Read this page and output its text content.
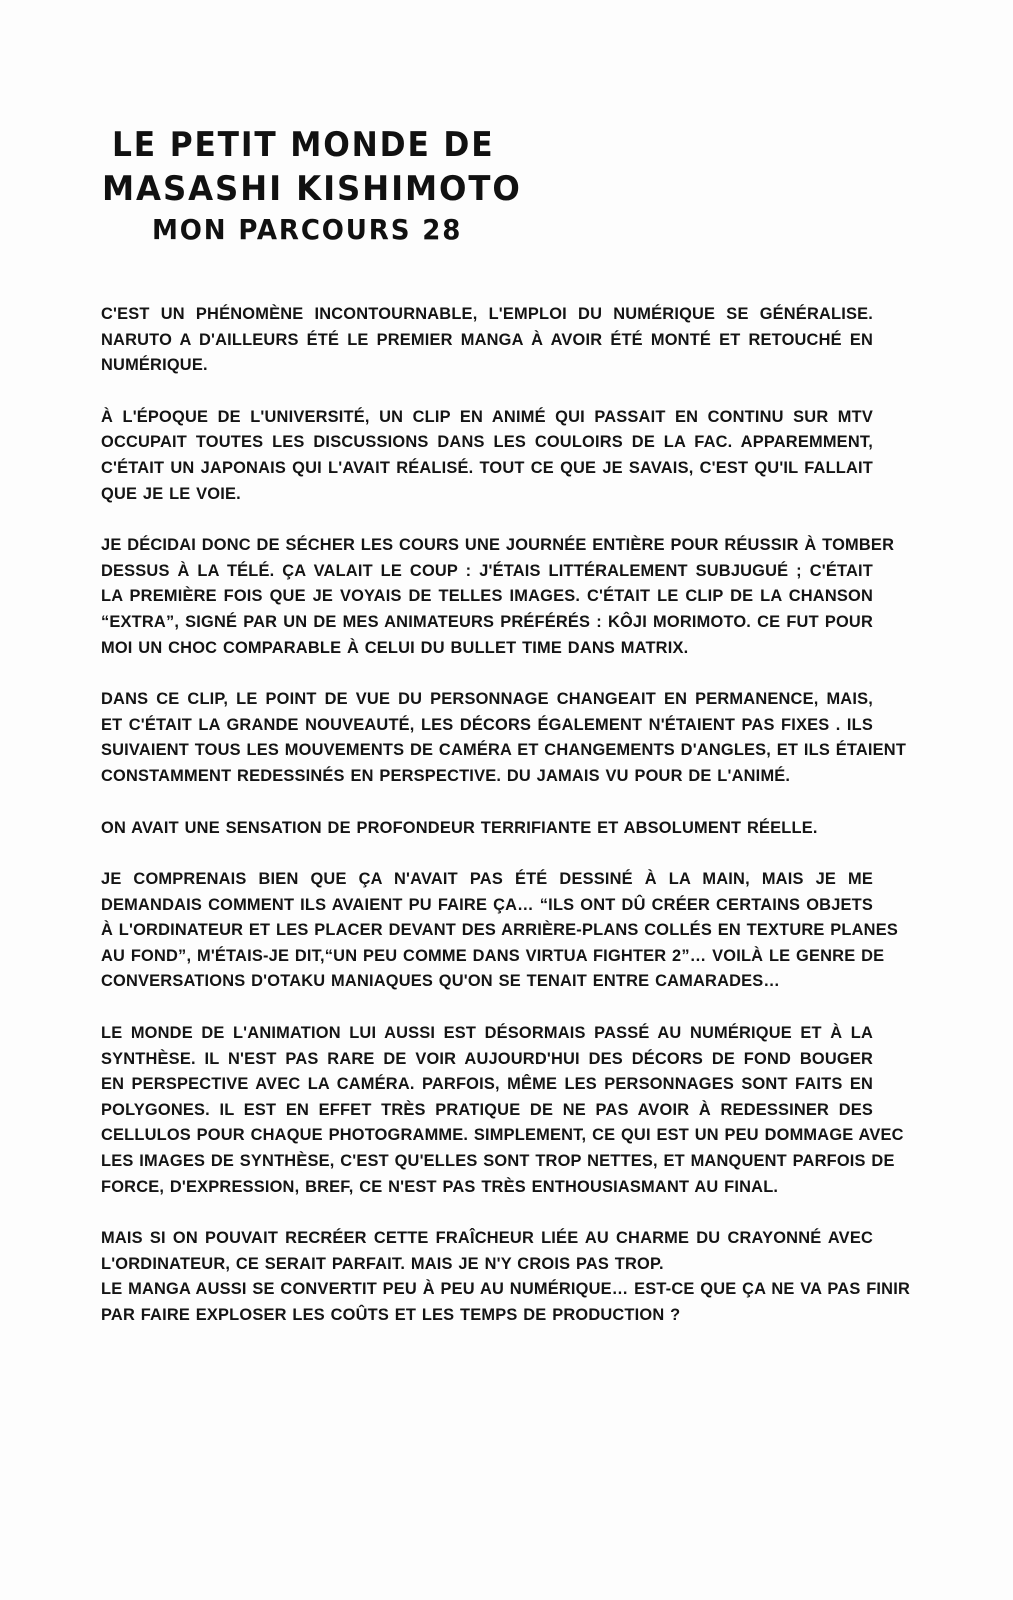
LE PETIT MONDE DE
MASASHI KISHIMOTO
MON PARCOURS 28

C'EST UN PHÉNOMÈNE INCONTOURNABLE, L'EMPLOI DU NUMÉRIQUE SE GÉNÉRALISE.
NARUTO A D'AILLEURS ÉTÉ LE PREMIER MANGA À AVOIR ÉTÉ MONTÉ ET RETOUCHÉ EN
NUMÉRIQUE.

À L'ÉPOQUE DE L'UNIVERSITÉ, UN CLIP EN ANIMÉ QUI PASSAIT EN CONTINU SUR MTV
OCCUPAIT TOUTES LES DISCUSSIONS DANS LES COULOIRS DE LA FAC. APPAREMMENT,
C'ÉTAIT UN JAPONAIS QUI L'AVAIT RÉALISÉ. TOUT CE QUE JE SAVAIS, C'EST QU'IL FALLAIT
QUE JE LE VOIE.

JE DÉCIDAI DONC DE SÉCHER LES COURS UNE JOURNÉE ENTIÈRE POUR RÉUSSIR À TOMBER
DESSUS À LA TÉLÉ. ÇA VALAIT LE COUP : J'ÉTAIS LITTÉRALEMENT SUBJUGUÉ ; C'ÉTAIT
LA PREMIÈRE FOIS QUE JE VOYAIS DE TELLES IMAGES. C'ÉTAIT LE CLIP DE LA CHANSON
“EXTRA”, SIGNÉ PAR UN DE MES ANIMATEURS PRÉFÉRÉS : KÔJI MORIMOTO. CE FUT POUR
MOI UN CHOC COMPARABLE À CELUI DU BULLET TIME DANS MATRIX.

DANS CE CLIP, LE POINT DE VUE DU PERSONNAGE CHANGEAIT EN PERMANENCE, MAIS,
ET C'ÉTAIT LA GRANDE NOUVEAUTÉ, LES DÉCORS ÉGALEMENT N'ÉTAIENT PAS FIXES . ILS
SUIVAIENT TOUS LES MOUVEMENTS DE CAMÉRA ET CHANGEMENTS D'ANGLES, ET ILS ÉTAIENT
CONSTAMMENT REDESSINÉS EN PERSPECTIVE. DU JAMAIS VU POUR DE L'ANIMÉ.

ON AVAIT UNE SENSATION DE PROFONDEUR TERRIFIANTE ET ABSOLUMENT RÉELLE.

JE COMPRENAIS BIEN QUE ÇA N'AVAIT PAS ÉTÉ DESSINÉ À LA MAIN, MAIS JE ME
DEMANDAIS COMMENT ILS AVAIENT PU FAIRE ÇA… “ILS ONT DÛ CRÉER CERTAINS OBJETS
À L'ORDINATEUR ET LES PLACER DEVANT DES ARRIÈRE-PLANS COLLÉS EN TEXTURE PLANES
AU FOND”, M'ÉTAIS-JE DIT,“UN PEU COMME DANS VIRTUA FIGHTER 2”… VOILÀ LE GENRE DE
CONVERSATIONS D'OTAKU MANIAQUES QU'ON SE TENAIT ENTRE CAMARADES…

LE MONDE DE L'ANIMATION LUI AUSSI EST DÉSORMAIS PASSÉ AU NUMÉRIQUE ET À LA
SYNTHÈSE. IL N'EST PAS RARE DE VOIR AUJOURD'HUI DES DÉCORS DE FOND BOUGER
EN PERSPECTIVE AVEC LA CAMÉRA. PARFOIS, MÊME LES PERSONNAGES SONT FAITS EN
POLYGONES. IL EST EN EFFET TRÈS PRATIQUE DE NE PAS AVOIR À REDESSINER DES
CELLULOS POUR CHAQUE PHOTOGRAMME. SIMPLEMENT, CE QUI EST UN PEU DOMMAGE AVEC
LES IMAGES DE SYNTHÈSE, C'EST QU'ELLES SONT TROP NETTES, ET MANQUENT PARFOIS DE
FORCE, D'EXPRESSION, BREF, CE N'EST PAS TRÈS ENTHOUSIASMANT AU FINAL.

MAIS SI ON POUVAIT RECRÉER CETTE FRAÎCHEUR LIÉE AU CHARME DU CRAYONNÉ AVEC
L'ORDINATEUR, CE SERAIT PARFAIT. MAIS JE N'Y CROIS PAS TROP.
LE MANGA AUSSI SE CONVERTIT PEU À PEU AU NUMÉRIQUE… EST-CE QUE ÇA NE VA PAS FINIR
PAR FAIRE EXPLOSER LES COÛTS ET LES TEMPS DE PRODUCTION ?
